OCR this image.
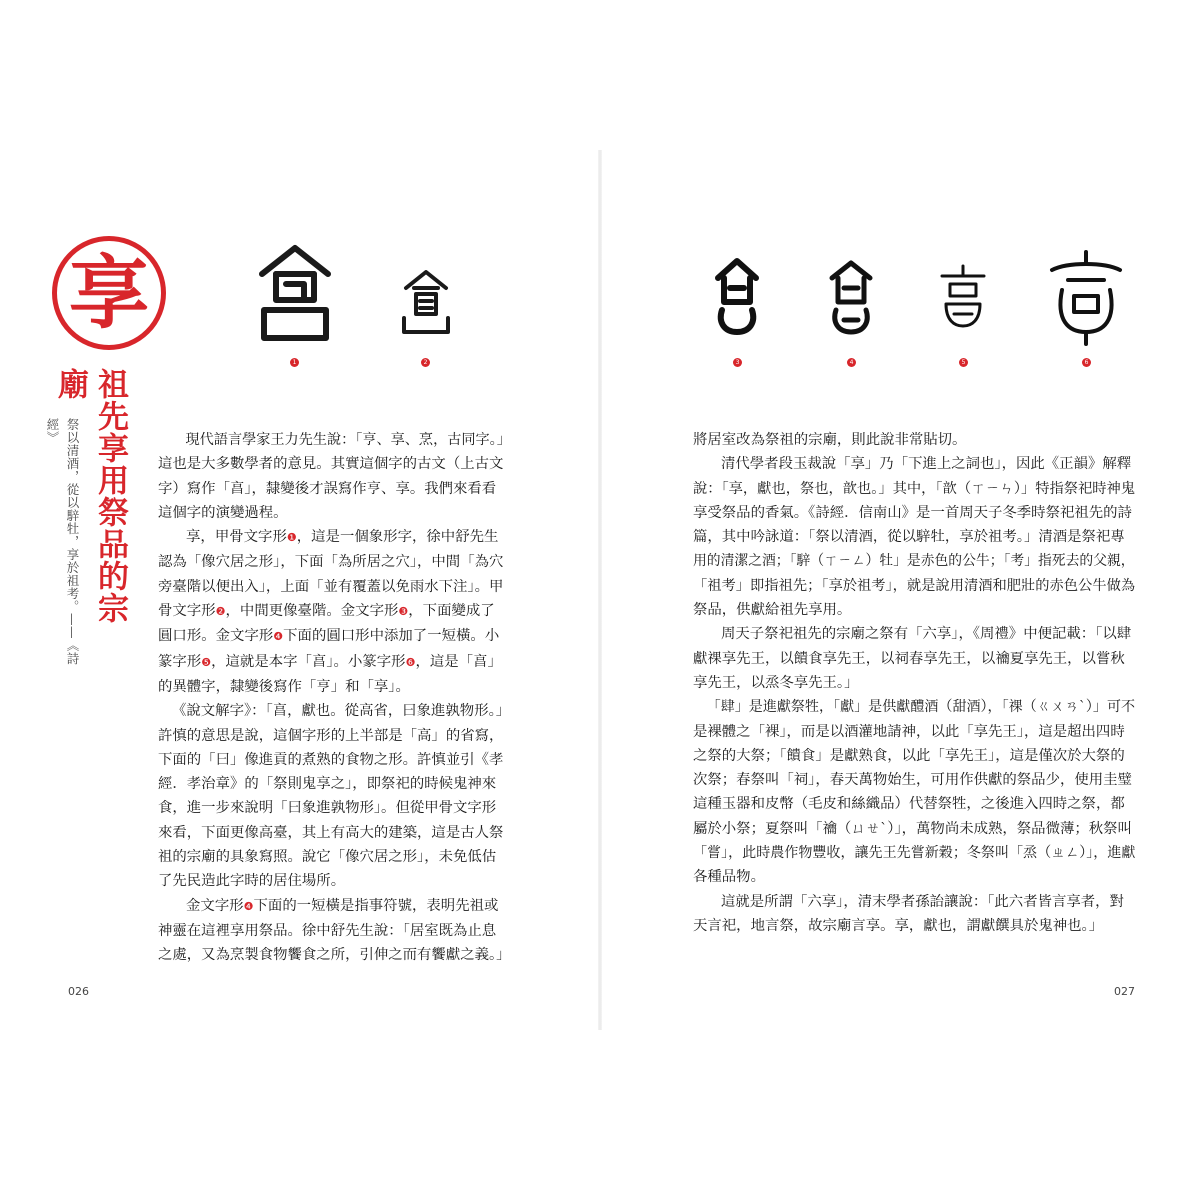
享
祖先享用祭品的宗廟
祭以清酒，從以騂牡，享於祖考。——《詩經》
1	2	3	4	5	6
現代語言學家王力先生說：「亨、享、烹，古同字。」
這也是大多數學者的意見。其實這個字的古文（上古文
字）寫作「亯」，隸變後才誤寫作亨、享。我們來看看
這個字的演變過程。
享，甲骨文字形❶，這是一個象形字，徐中舒先生
認為「像穴居之形」，下面「為所居之穴」，中間「為穴
旁臺階以便出入」，上面「並有覆蓋以免雨水下注」。甲
骨文字形❷，中間更像臺階。金文字形❸，下面變成了
圓口形。金文字形❹下面的圓口形中添加了一短橫。小
篆字形❺，這就是本字「亯」。小篆字形❻，這是「亯」
的異體字，隸變後寫作「亨」和「享」。
《說文解字》：「亯，獻也。從高省，曰象進孰物形。」
許慎的意思是說，這個字形的上半部是「高」的省寫，
下面的「曰」像進貢的煮熟的食物之形。許慎並引《孝
經．孝治章》的「祭則鬼享之」，即祭祀的時候鬼神來
食，進一步來說明「曰象進孰物形」。但從甲骨文字形
來看，下面更像高臺，其上有高大的建築，這是古人祭
祖的宗廟的具象寫照。說它「像穴居之形」，未免低估
了先民造此字時的居住場所。
金文字形❹下面的一短橫是指事符號，表明先祖或
神靈在這裡享用祭品。徐中舒先生說：「居室既為止息
之處，又為烹製食物饗食之所，引伸之而有饗獻之義。」
026
將居室改為祭祖的宗廟，則此說非常貼切。
清代學者段玉裁說「享」乃「下進上之詞也」，因此《正韻》解釋
說：「享，獻也，祭也，歆也。」其中，「歆（ㄒㄧㄣ）」特指祭祀時神鬼
享受祭品的香氣。《詩經．信南山》是一首周天子冬季時祭祀祖先的詩
篇，其中吟詠道：「祭以清酒，從以騂牡，享於祖考。」清酒是祭祀專
用的清潔之酒；「騂（ㄒㄧㄥ）牡」是赤色的公牛；「考」指死去的父親，
「祖考」即指祖先；「享於祖考」，就是說用清酒和肥壯的赤色公牛做為
祭品，供獻給祖先享用。
周天子祭祀祖先的宗廟之祭有「六享」，《周禮》中便記載：「以肆
獻祼享先王，以饋食享先王，以祠春享先王，以禴夏享先王，以嘗秋
享先王，以烝冬享先王。」
「肆」是進獻祭牲，「獻」是供獻醴酒（甜酒），「祼（ㄍㄨㄢˋ）」可不
是裸體之「裸」，而是以酒灌地請神，以此「享先王」，這是超出四時
之祭的大祭；「饋食」是獻熟食，以此「享先王」，這是僅次於大祭的
次祭；春祭叫「祠」，春天萬物始生，可用作供獻的祭品少，使用圭璧
這種玉器和皮幣（毛皮和絲織品）代替祭牲，之後進入四時之祭，都
屬於小祭；夏祭叫「禴（ㄩㄝˋ）」，萬物尚未成熟，祭品微薄；秋祭叫
「嘗」，此時農作物豐收，讓先王先嘗新穀；冬祭叫「烝（ㄓㄥ）」，進獻
各種品物。
這就是所謂「六享」，清末學者孫詒讓說：「此六者皆言享者，對
天言祀，地言祭，故宗廟言享。享，獻也，謂獻饌具於鬼神也。」
027
